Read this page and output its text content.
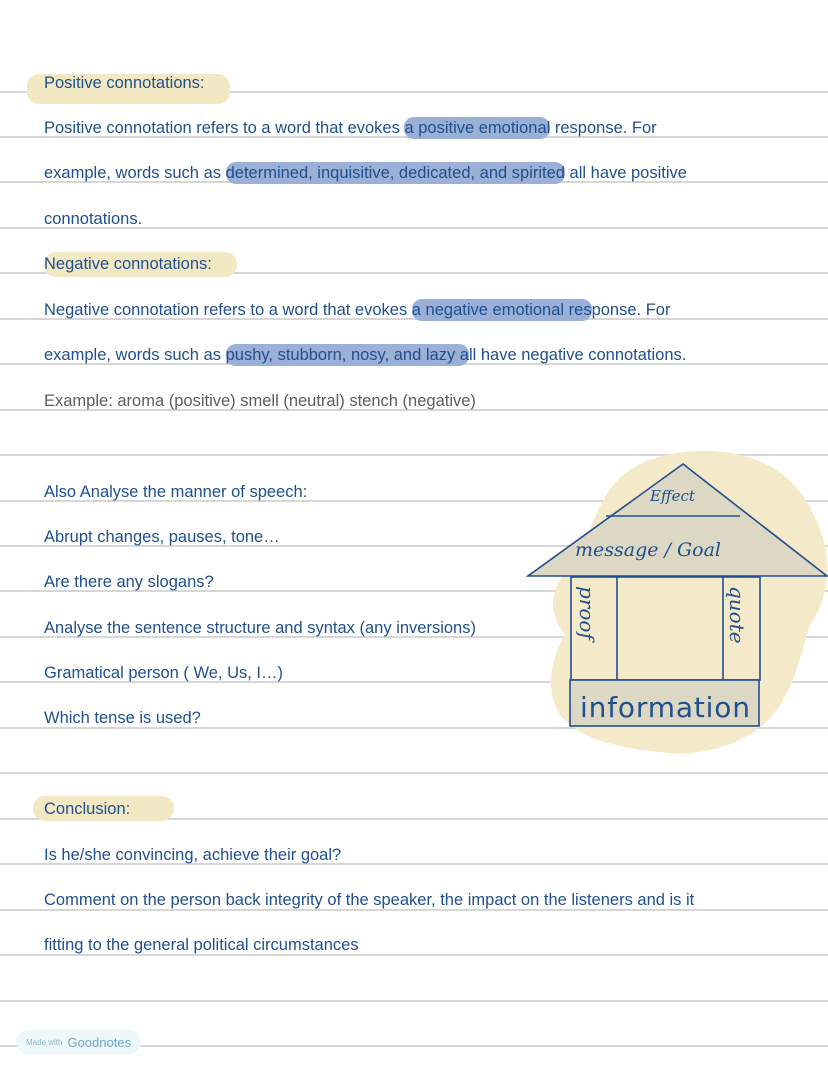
Positive connotations:
Positive connotation refers to a word that evokes a positive emotional response. For
example, words such as determined, inquisitive, dedicated, and spirited all have positive
connotations.
Negative connotations:
Negative connotation refers to a word that evokes a negative emotional response. For
example, words such as pushy, stubborn, nosy, and lazy all have negative connotations.
Example: aroma (positive) smell (neutral) stench (negative)
Also Analyse the manner of speech:
Abrupt changes, pauses, tone…
Are there any slogans?
Analyse the sentence structure and syntax (any inversions)
Gramatical person ( We, Us, I…)
Which tense is used?
Effect
message / Goal
proof	quote
information
Conclusion:
Is he/she convincing, achieve their goal?
Comment on the person back integrity of the speaker, the impact on the listeners and is it
fitting to the general political circumstances
Made with Goodnotes
